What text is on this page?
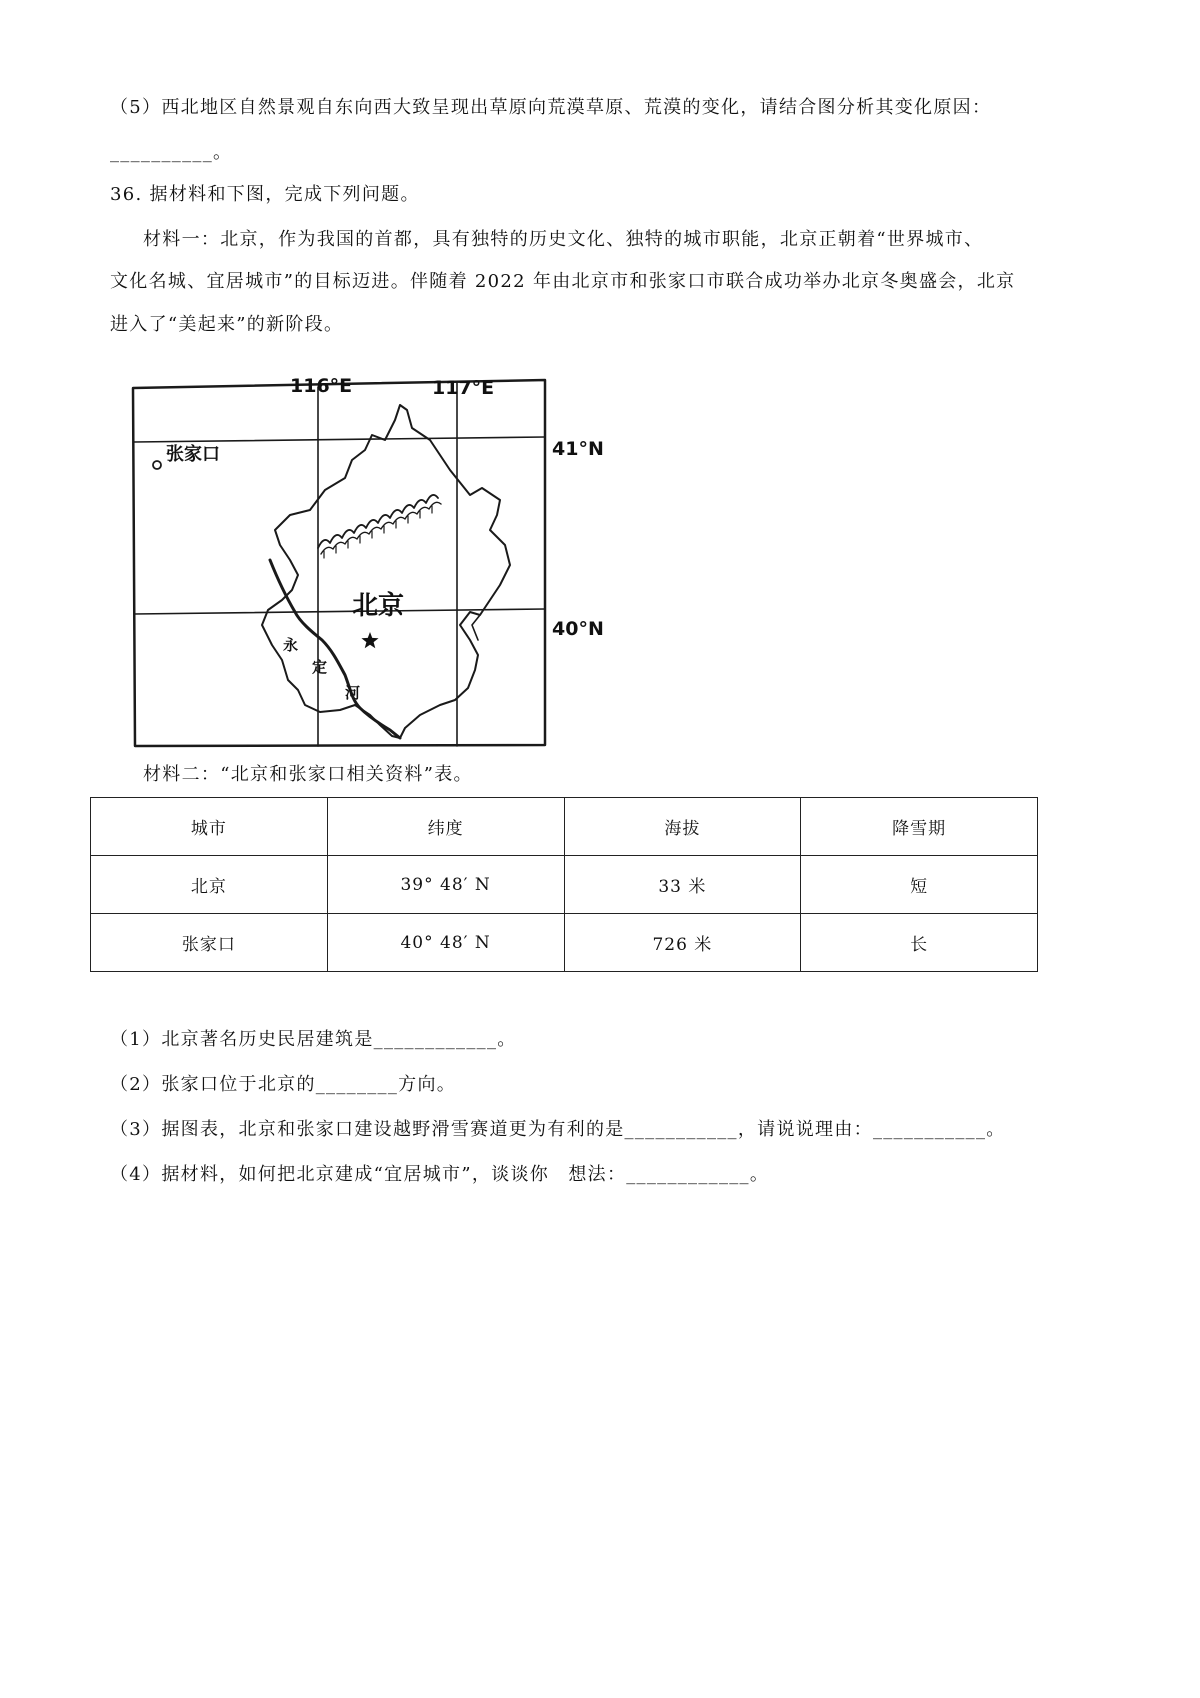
（5）西北地区自然景观自东向西大致呈现出草原向荒漠草原、荒漠的变化，请结合图分析其变化原因：
__________。
36. 据材料和下图，完成下列问题。
材料一：北京，作为我国的首都，具有独特的历史文化、独特的城市职能，北京正朝着“世界城市、
文化名城、宜居城市”的目标迈进。伴随着 2022 年由北京市和张家口市联合成功举办北京冬奥盛会，北京
进入了“美起来”的新阶段。
116°E	117°E
41°N
40°N
张家口
北京
永
定
河
材料二：“北京和张家口相关资料”表。
城市	纬度	海拔	降雪期
北京	39° 48′ N	33 米	短
张家口	40° 48′ N	726 米	长
（1）北京著名历史民居建筑是____________。
（2）张家口位于北京的________方向。
（3）据图表，北京和张家口建设越野滑雪赛道更为有利的是___________，请说说理由：___________。
（4）据材料，如何把北京建成“宜居城市”，谈谈你　想法：____________。
